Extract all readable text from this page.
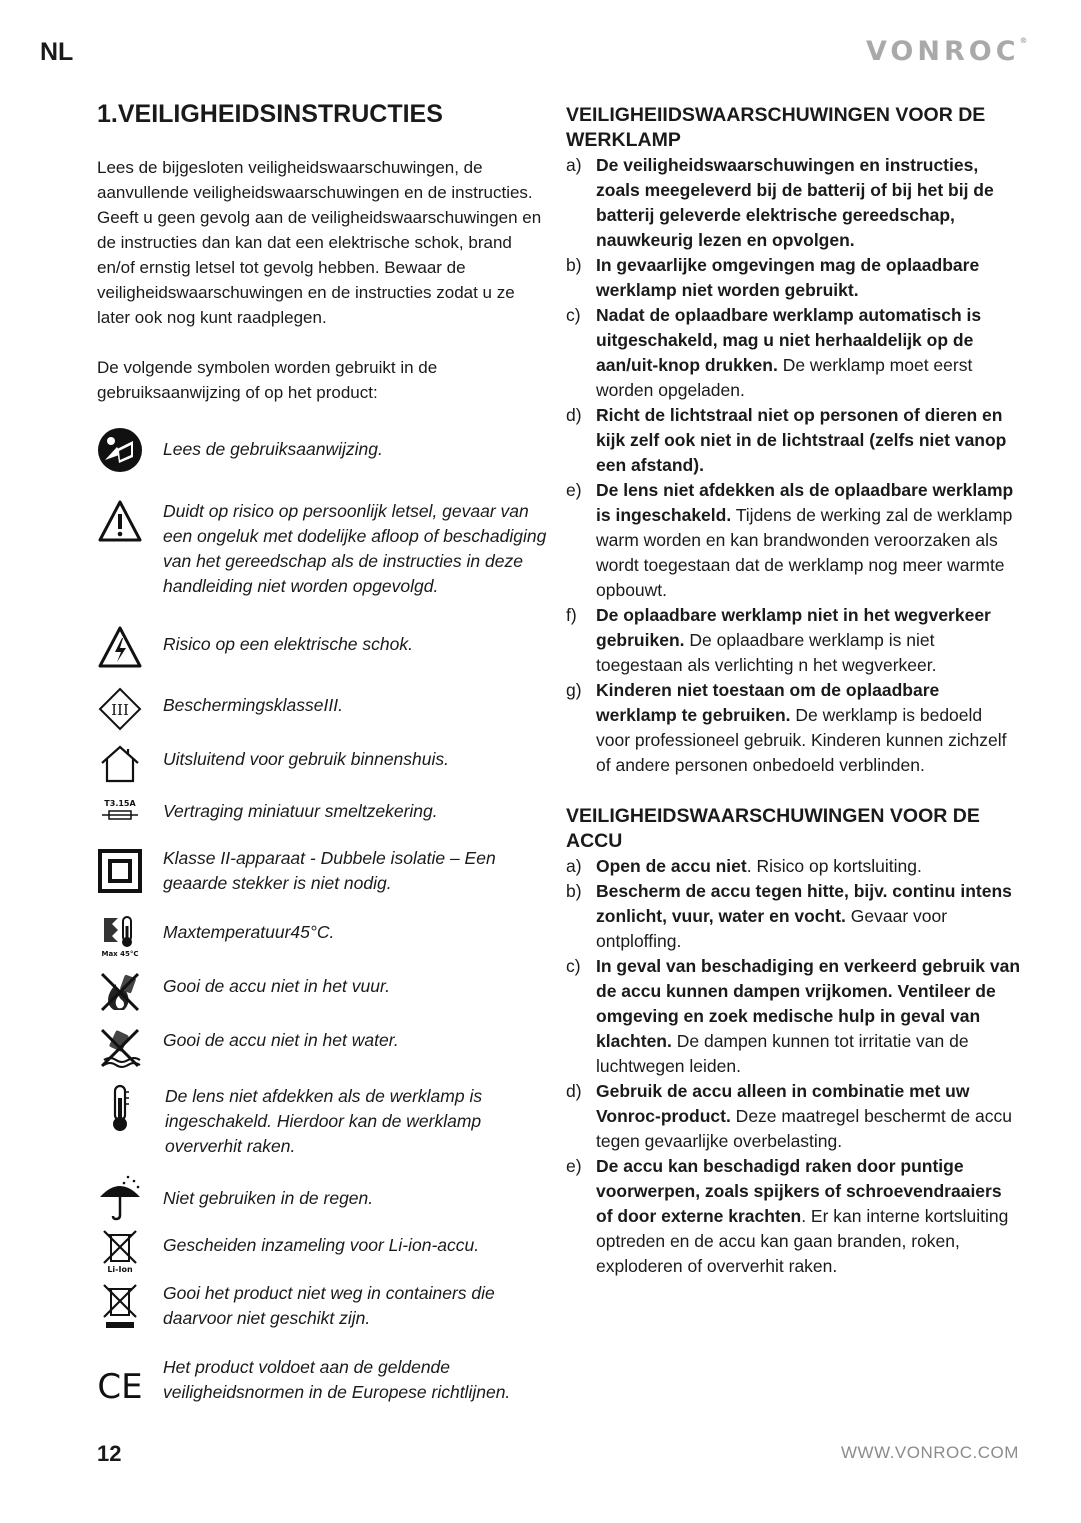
NL	VONROC®
1.VEILIGHEIDSINSTRUCTIES

Lees de bijgesloten veiligheidswaarschuwingen, de aanvullende veiligheidswaarschuwingen en de instructies. Geeft u geen gevolg aan de veiligheidswaarschuwingen en de instructies dan kan dat een elektrische schok, brand en/of ernstig letsel tot gevolg hebben. Bewaar de veiligheidswaarschuwingen en de instructies zodat u ze later ook nog kunt raadplegen.

De volgende symbolen worden gebruikt in de gebruiksaanwijzing of op het product:

Lees de gebruiksaanwijzing.
Duidt op risico op persoonlijk letsel, gevaar van een ongeluk met dodelijke afloop of beschadiging van het gereedschap als de instructies in deze handleiding niet worden opgevolgd.
Risico op een elektrische schok.
III BeschermingsklasseIII.
Uitsluitend voor gebruik binnenshuis.
T3.15A Vertraging miniatuur smeltzekering.
Klasse II-apparaat - Dubbele isolatie – Een geaarde stekker is niet nodig.
Max 45°C
Maxtemperatuur45°C.
Gooi de accu niet in het vuur.
Gooi de accu niet in het water.
De lens niet afdekken als de werklamp is ingeschakeld. Hierdoor kan de werklamp oververhit raken.
Niet gebruiken in de regen.
Li-Ion
Gescheiden inzameling voor Li-ion-accu.
Gooi het product niet weg in containers die daarvoor niet geschikt zijn.
CE Het product voldoet aan de geldende veiligheidsnormen in de Europese richtlijnen.
VEILIGHEIIDSWAARSCHUWINGEN VOOR DE WERKLAMP
a) De veiligheidswaarschuwingen en instructies, zoals meegeleverd bij de batterij of bij het bij de batterij geleverde elektrische gereedschap, nauwkeurig lezen en opvolgen.
b) In gevaarlijke omgevingen mag de oplaadbare werklamp niet worden gebruikt.
c) Nadat de oplaadbare werklamp automatisch is uitgeschakeld, mag u niet herhaaldelijk op de aan/uit-knop drukken. De werklamp moet eerst worden opgeladen.
d) Richt de lichtstraal niet op personen of dieren en kijk zelf ook niet in de lichtstraal (zelfs niet vanop een afstand).
e) De lens niet afdekken als de oplaadbare werklamp is ingeschakeld. Tijdens de werking zal de werklamp warm worden en kan brandwonden veroorzaken als wordt toegestaan dat de werklamp nog meer warmte opbouwt.
f)	De oplaadbare werklamp niet in het wegverkeer gebruiken. De oplaadbare werklamp is niet toegestaan als verlichting n het wegverkeer.
g) Kinderen niet toestaan om de oplaadbare werklamp te gebruiken. De werklamp is bedoeld voor professioneel gebruik. Kinderen kunnen zichzelf of andere personen onbedoeld verblinden.
VEILIGHEIDSWAARSCHUWINGEN VOOR DE ACCU
a) Open de accu niet. Risico op kortsluiting.
b) Bescherm de accu tegen hitte, bijv. continu intens zonlicht, vuur, water en vocht. Gevaar voor ontploffing.
c) In geval van beschadiging en verkeerd gebruik van de accu kunnen dampen vrijkomen. Ventileer de omgeving en zoek medische hulp in geval van klachten. De dampen kunnen tot irritatie van de luchtwegen leiden.
d) Gebruik de accu alleen in combinatie met uw Vonroc-product. Deze maatregel beschermt de accu tegen gevaarlijke overbelasting.
e) De accu kan beschadigd raken door puntige voorwerpen, zoals spijkers of schroevendraaiers of door externe krachten. Er kan interne kortsluiting optreden en de accu kan gaan branden, roken, exploderen of oververhit raken.
12	WWW.VONROC.COM
